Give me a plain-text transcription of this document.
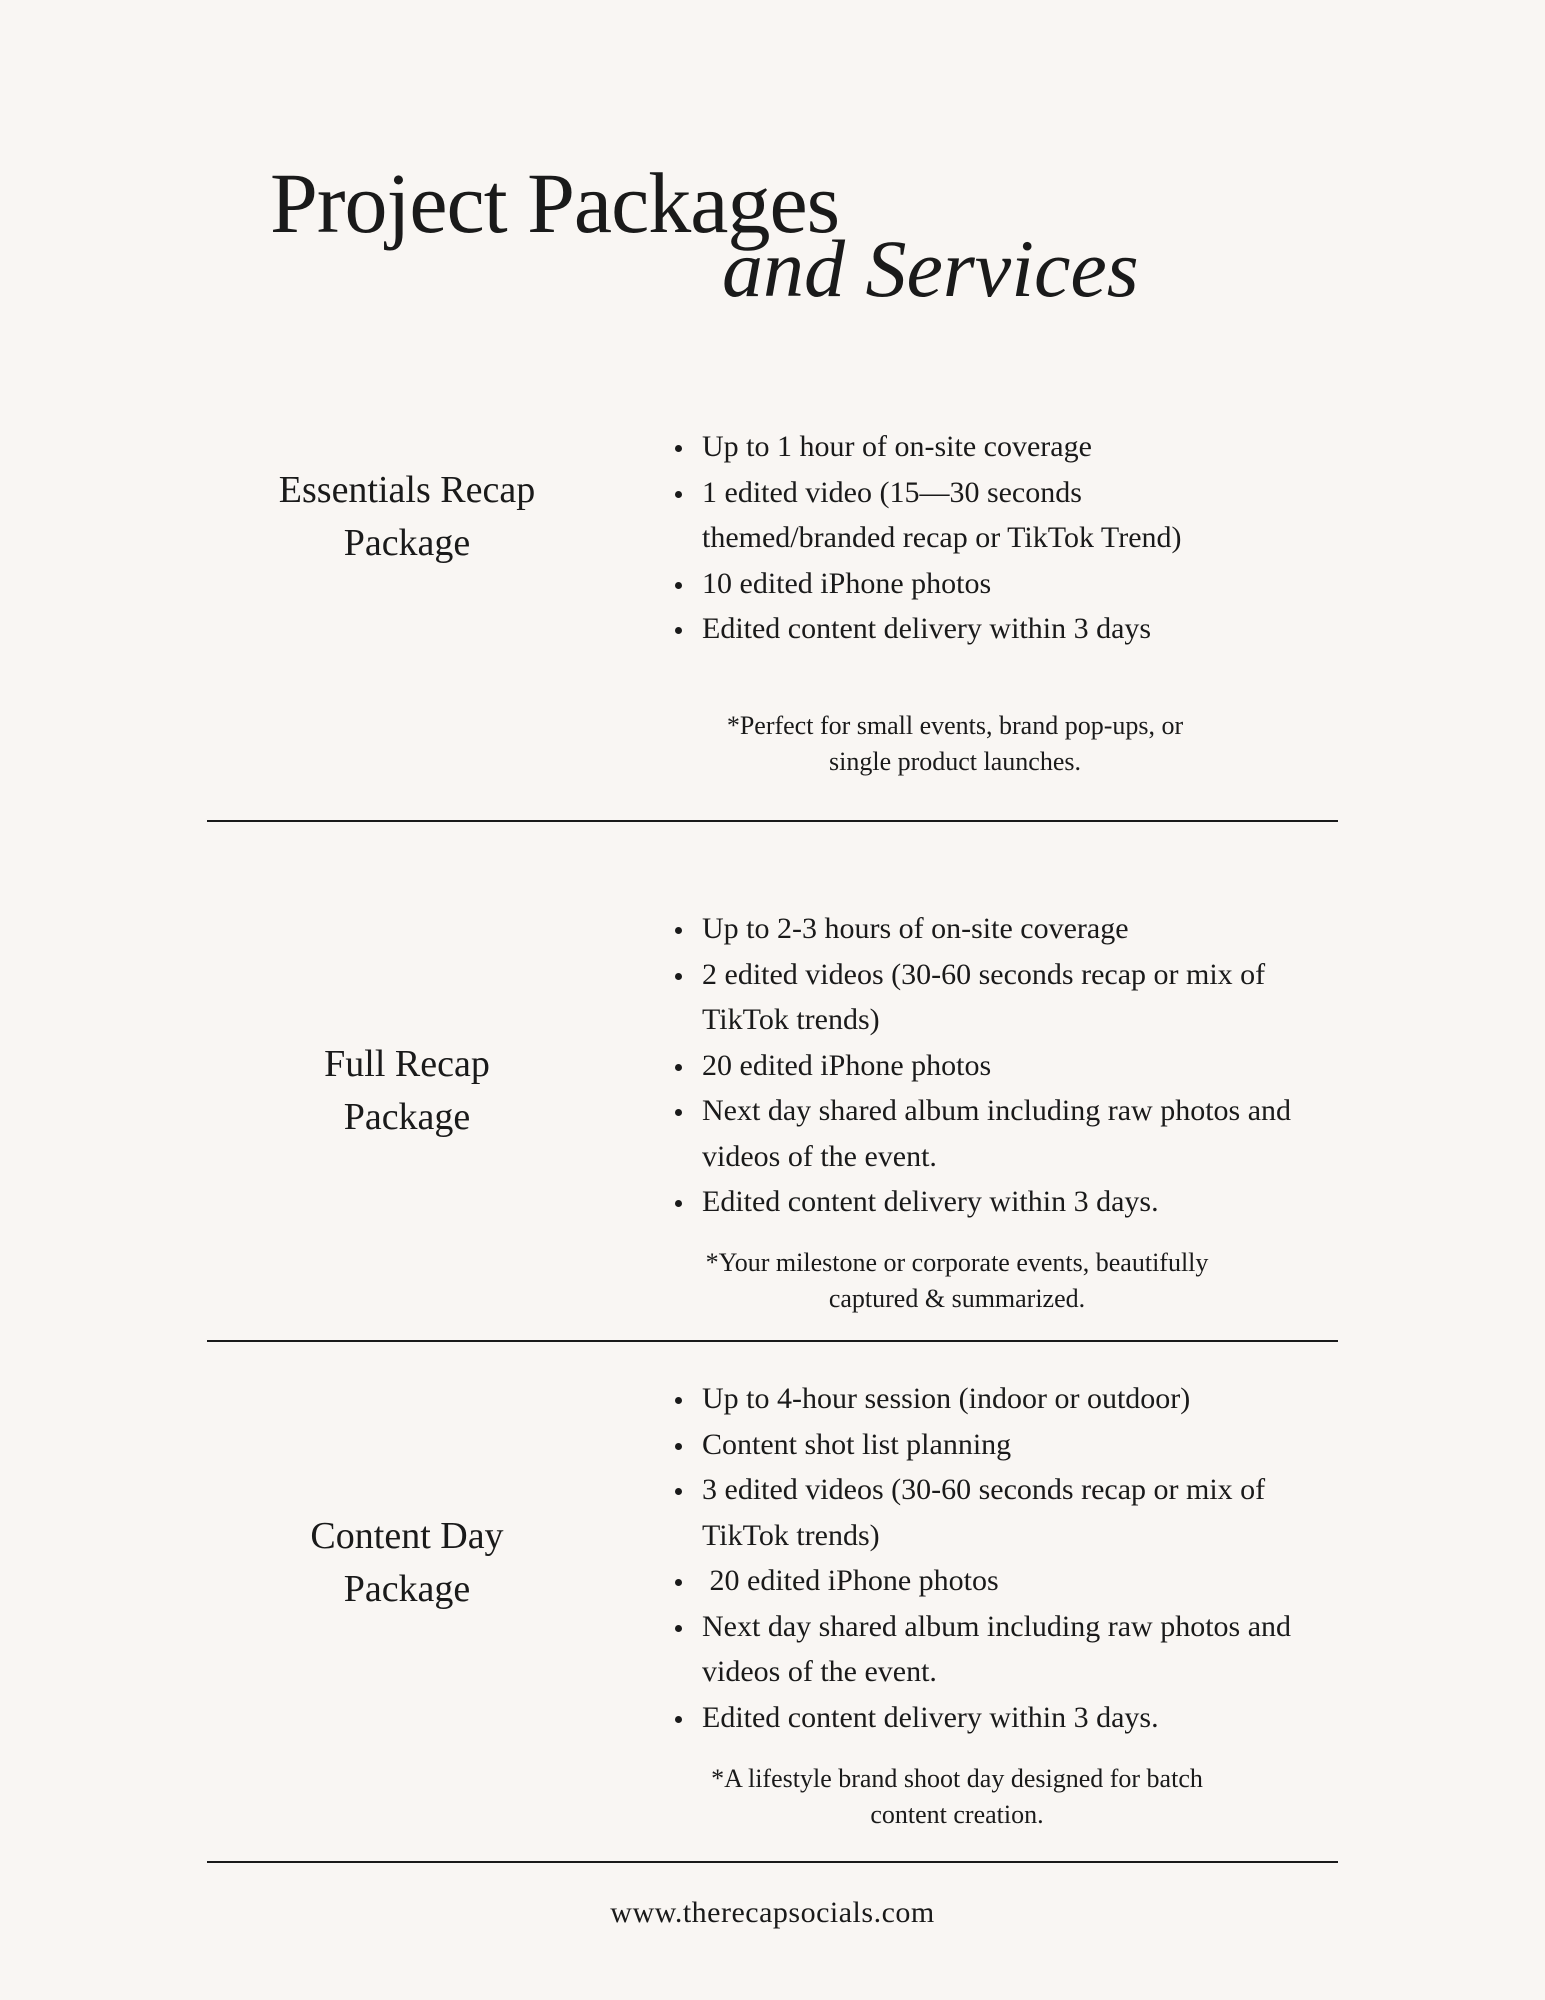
Project Packages
and Services
Essentials Recap
Package
Up to 1 hour of on-site coverage
1 edited video (15—30 seconds themed/branded recap or TikTok Trend)
10 edited iPhone photos
Edited content delivery within 3 days
*Perfect for small events, brand pop-ups, or
single product launches.
Full Recap
Package
Up to 2-3 hours of on-site coverage
2 edited videos (30-60 seconds recap or mix of TikTok trends)
20 edited iPhone photos
Next day shared album including raw photos and videos of the event.
Edited content delivery within 3 days.
*Your milestone or corporate events, beautifully
captured & summarized.
Content Day
Package
Up to 4-hour session (indoor or outdoor)
Content shot list planning
3 edited videos (30-60 seconds recap or mix of TikTok trends)
20 edited iPhone photos
Next day shared album including raw photos and videos of the event.
Edited content delivery within 3 days.
*A lifestyle brand shoot day designed for batch
content creation.
www.therecapsocials.com
